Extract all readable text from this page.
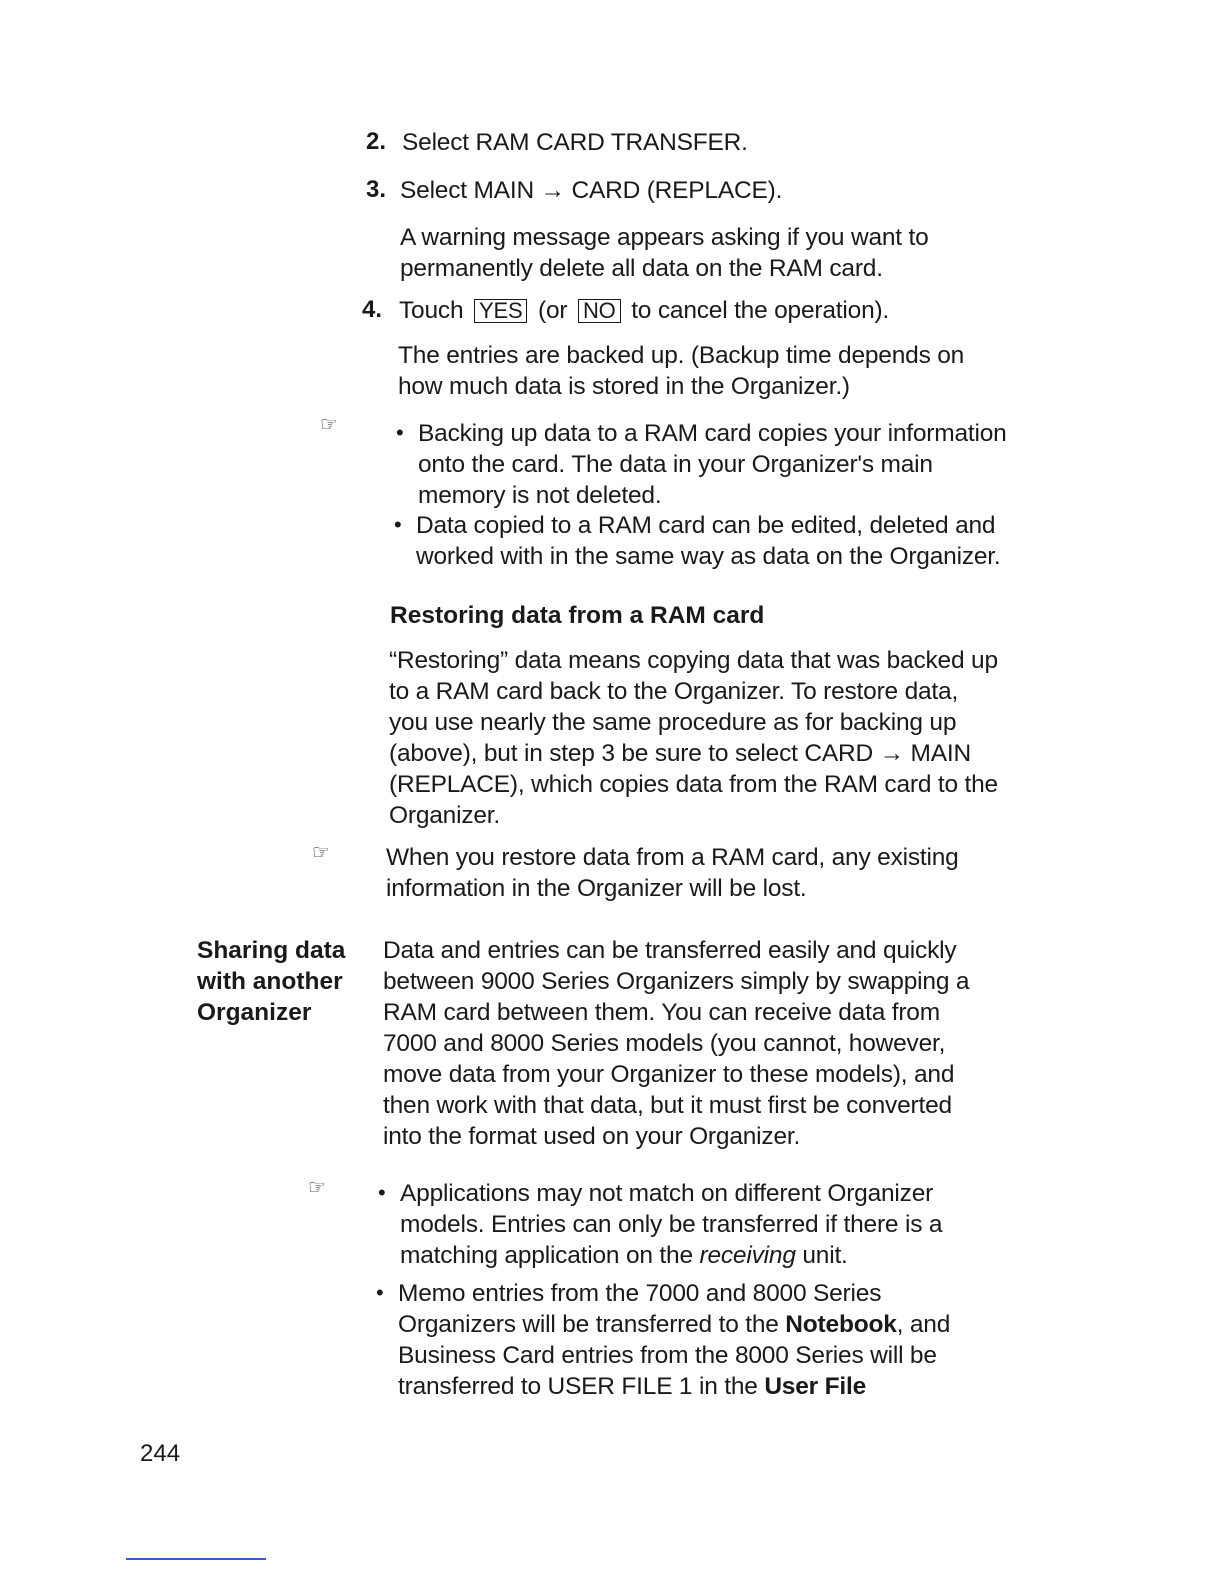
2. Select RAM CARD TRANSFER.
3. Select MAIN → CARD (REPLACE).
A warning message appears asking if you want to
permanently delete all data on the RAM card.
4. Touch YES (or NO to cancel the operation).
The entries are backed up. (Backup time depends on
how much data is stored in the Organizer.)
☞	• Backing up data to a RAM card copies your information
onto the card. The data in your Organizer's main
memory is not deleted.
• Data copied to a RAM card can be edited, deleted and
worked with in the same way as data on the Organizer.
Restoring data from a RAM card
“Restoring” data means copying data that was backed up
to a RAM card back to the Organizer. To restore data,
you use nearly the same procedure as for backing up
(above), but in step 3 be sure to select CARD → MAIN
(REPLACE), which copies data from the RAM card to the
Organizer.
☞ When you restore data from a RAM card, any existing
information in the Organizer will be lost.
Sharing data
with another
Organizer
Data and entries can be transferred easily and quickly
between 9000 Series Organizers simply by swapping a
RAM card between them. You can receive data from
7000 and 8000 Series models (you cannot, however,
move data from your Organizer to these models), and
then work with that data, but it must first be converted
into the format used on your Organizer.
☞ • Applications may not match on different Organizer
models. Entries can only be transferred if there is a
matching application on the receiving unit.
• Memo entries from the 7000 and 8000 Series
Organizers will be transferred to the Notebook, and
Business Card entries from the 8000 Series will be
transferred to USER FILE 1 in the User File
244
